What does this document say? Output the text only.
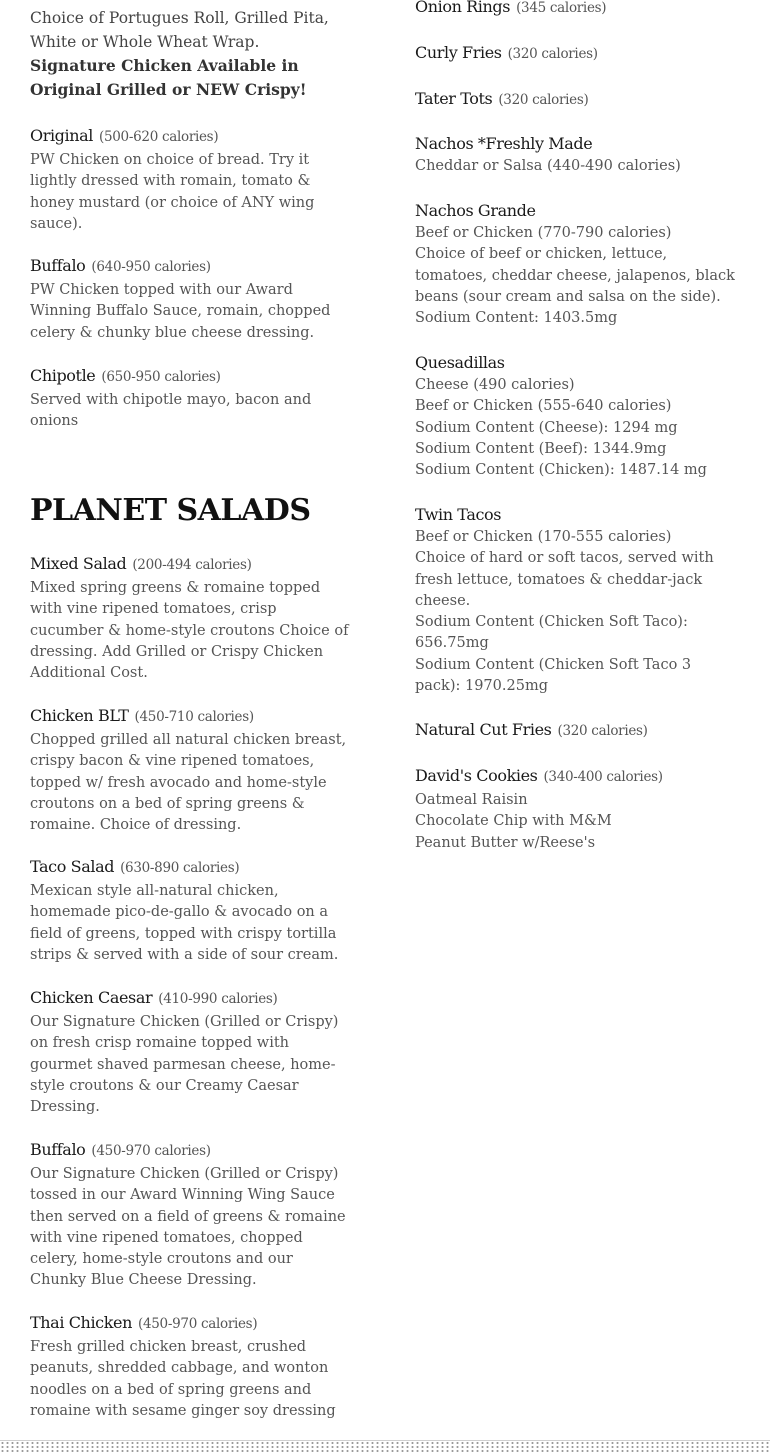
Choice of Portugues Roll, Grilled Pita,
White or Whole Wheat Wrap.
Signature Chicken Available in
Original Grilled or NEW Crispy!
Original (500-620 calories)
PW Chicken on choice of bread. Try it
lightly dressed with romain, tomato &
honey mustard (or choice of ANY wing
sauce).
Buffalo (640-950 calories)
PW Chicken topped with our Award
Winning Buffalo Sauce, romain, chopped
celery & chunky blue cheese dressing.
Chipotle (650-950 calories)
Served with chipotle mayo, bacon and
onions
PLANET SALADS
Mixed Salad (200-494 calories)
Mixed spring greens & romaine topped
with vine ripened tomatoes, crisp
cucumber & home-style croutons Choice of
dressing. Add Grilled or Crispy Chicken
Additional Cost.
Chicken BLT (450-710 calories)
Chopped grilled all natural chicken breast,
crispy bacon & vine ripened tomatoes,
topped w/ fresh avocado and home-style
croutons on a bed of spring greens &
romaine. Choice of dressing.
Taco Salad (630-890 calories)
Mexican style all-natural chicken,
homemade pico-de-gallo & avocado on a
field of greens, topped with crispy tortilla
strips & served with a side of sour cream.
Chicken Caesar (410-990 calories)
Our Signature Chicken (Grilled or Crispy)
on fresh crisp romaine topped with
gourmet shaved parmesan cheese, home-
style croutons & our Creamy Caesar
Dressing.
Buffalo (450-970 calories)
Our Signature Chicken (Grilled or Crispy)
tossed in our Award Winning Wing Sauce
then served on a field of greens & romaine
with vine ripened tomatoes, chopped
celery, home-style croutons and our
Chunky Blue Cheese Dressing.
Thai Chicken (450-970 calories)
Fresh grilled chicken breast, crushed
peanuts, shredded cabbage, and wonton
noodles on a bed of spring greens and
romaine with sesame ginger soy dressing
Onion Rings (345 calories)
Curly Fries (320 calories)
Tater Tots (320 calories)
Nachos *Freshly Made
Cheddar or Salsa (440-490 calories)
Nachos Grande
Beef or Chicken (770-790 calories)
Choice of beef or chicken, lettuce,
tomatoes, cheddar cheese, jalapenos, black
beans (sour cream and salsa on the side).
Sodium Content: 1403.5mg
Quesadillas
Cheese (490 calories)
Beef or Chicken (555-640 calories)
Sodium Content (Cheese): 1294 mg
Sodium Content (Beef): 1344.9mg
Sodium Content (Chicken): 1487.14 mg
Twin Tacos
Beef or Chicken (170-555 calories)
Choice of hard or soft tacos, served with
fresh lettuce, tomatoes & cheddar-jack
cheese.
Sodium Content (Chicken Soft Taco):
656.75mg
Sodium Content (Chicken Soft Taco 3
pack): 1970.25mg
Natural Cut Fries (320 calories)
David's Cookies (340-400 calories)
Oatmeal Raisin
Chocolate Chip with M&M
Peanut Butter w/Reese's
